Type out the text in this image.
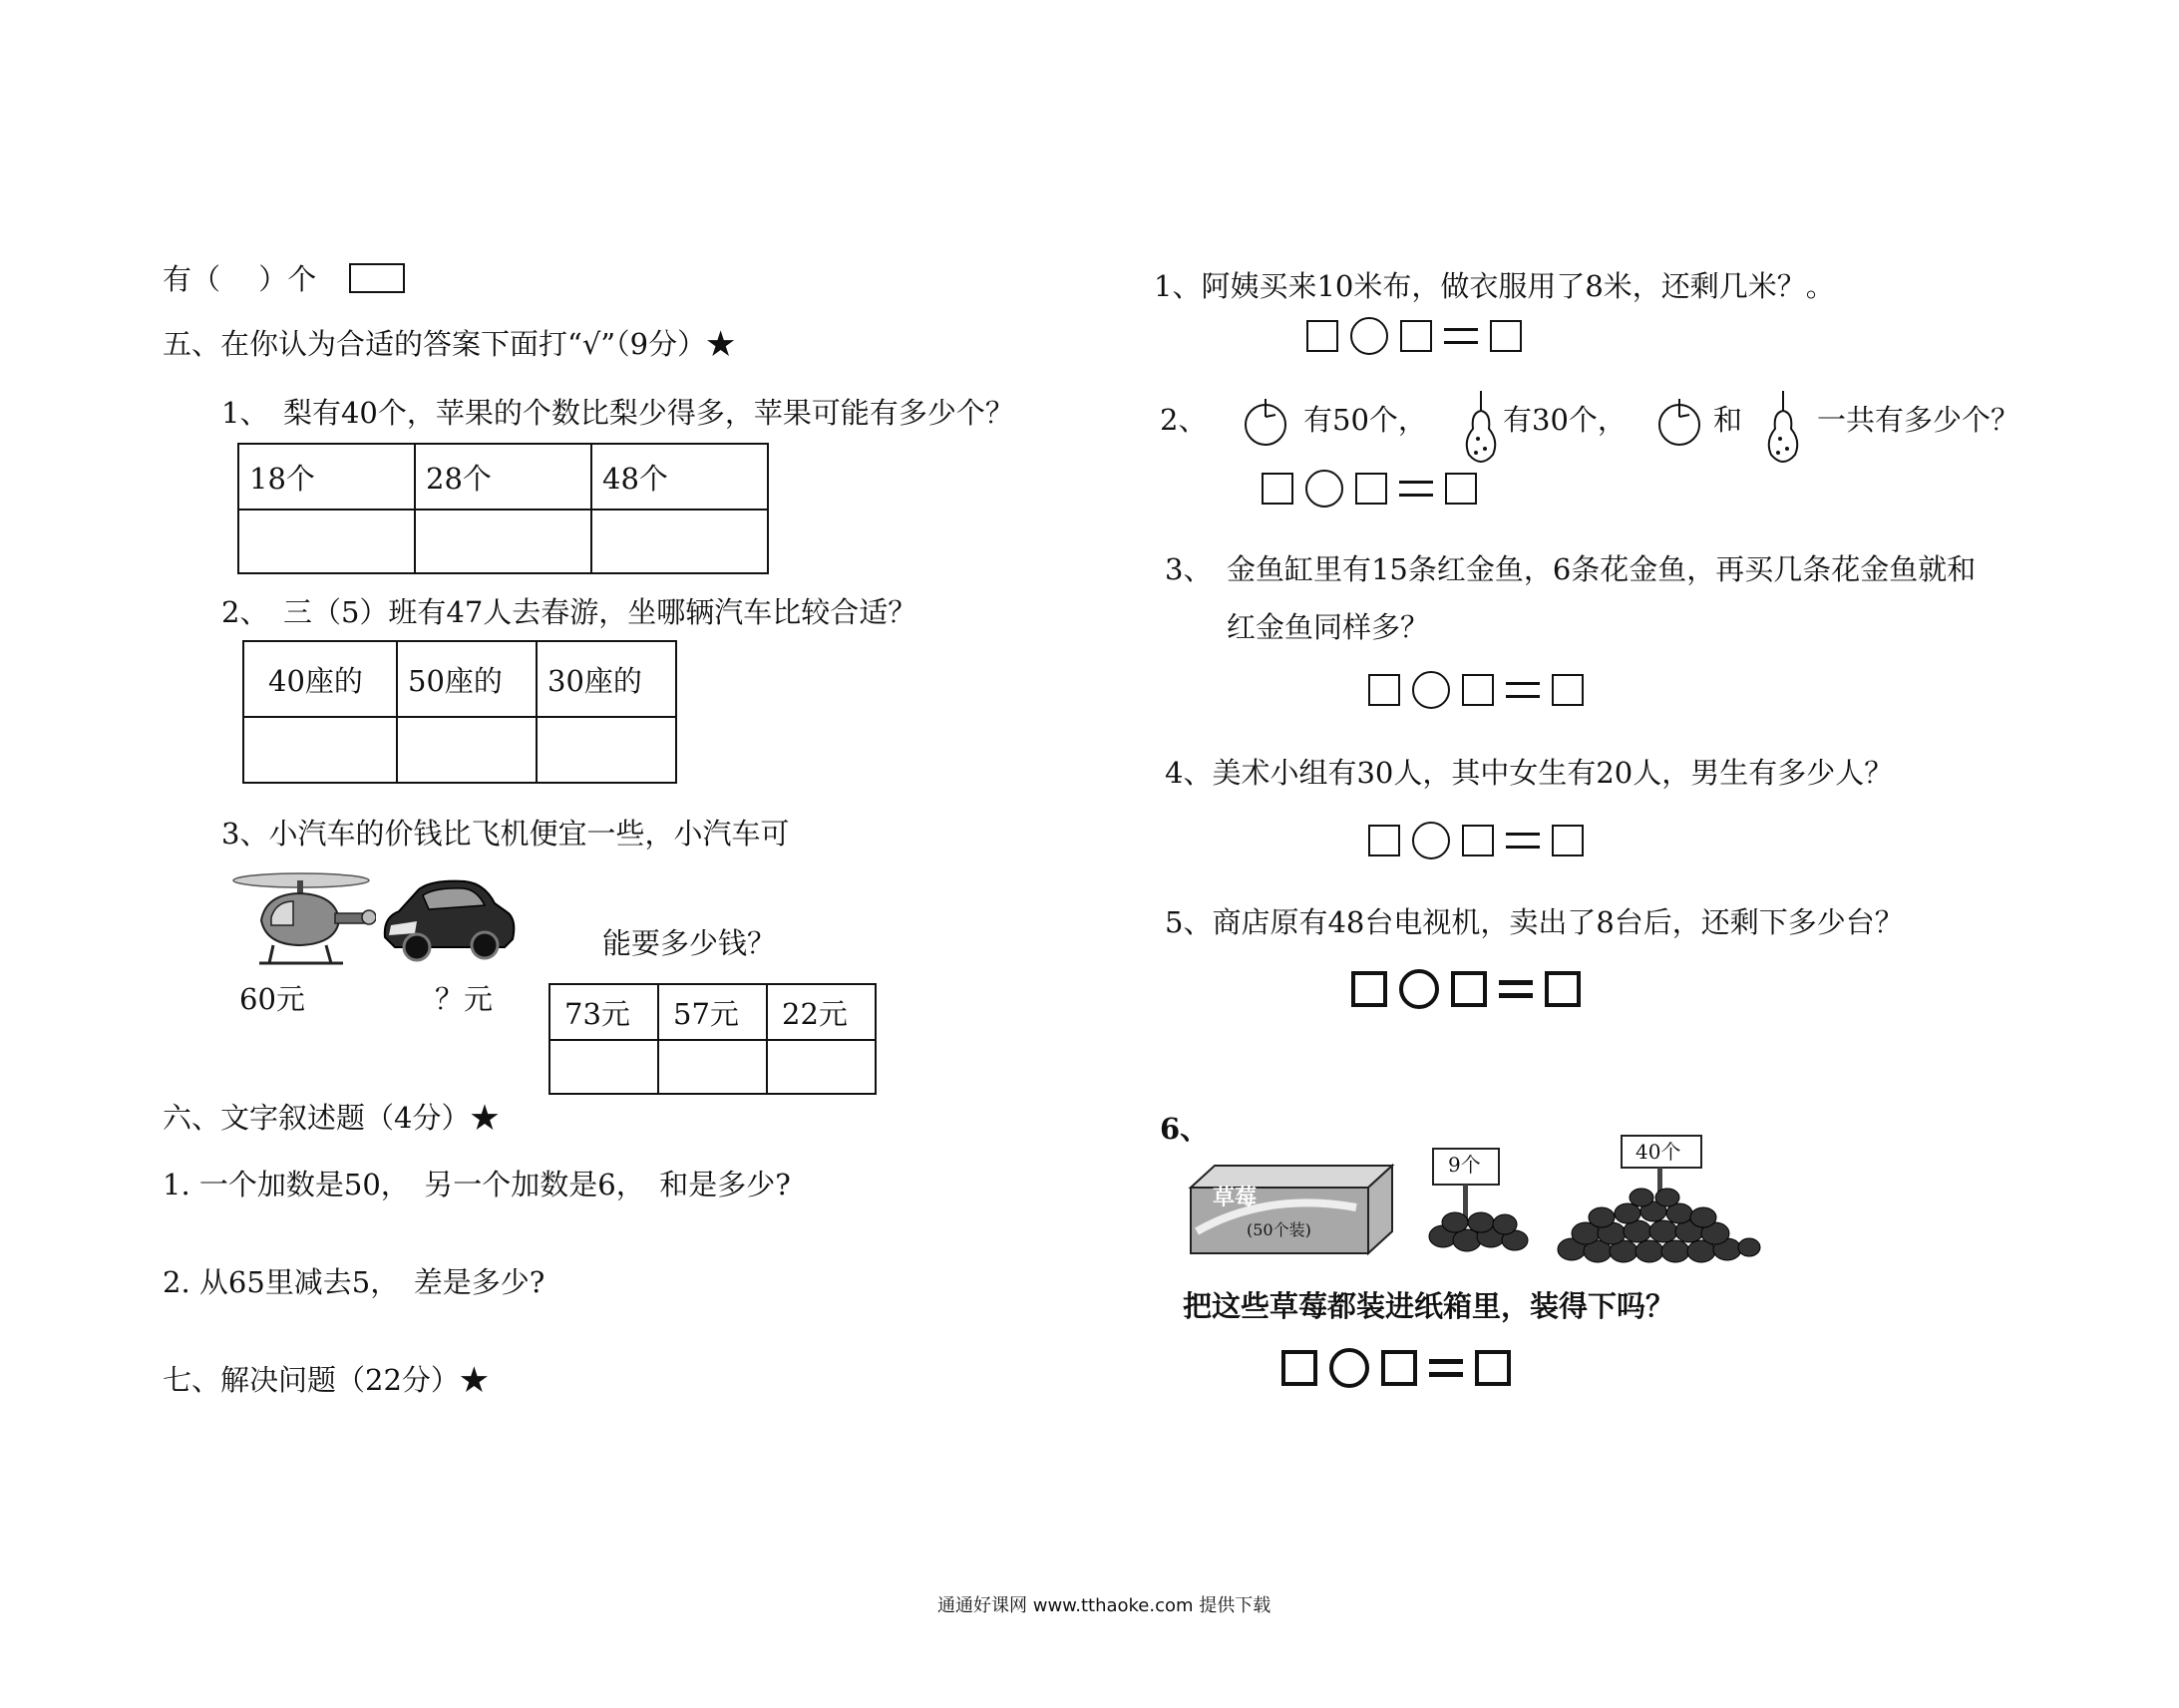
有（　 ）个
五、在你认为合适的答案下面打“√”（9分）★
1、　梨有40个，苹果的个数比梨少得多，苹果可能有多少个？
18个	28个	48个

2、　三（5）班有47人去春游，坐哪辆汽车比较合适？
40座的	50座的	30座的

3、小汽车的价钱比飞机便宜一些，小汽车可
60元	？元
能要多少钱？
73元	57元	22元

六、文字叙述题（4分）★
1. 一个加数是50，　另一个加数是6，　和是多少?
2. 从65里减去5，　差是多少?
七、解决问题（22分）★
1、阿姨买来10米布，做衣服用了8米，还剩几米？。
2、	有50个，	有30个，	和	一共有多少个？
3、　金鱼缸里有15条红金鱼，6条花金鱼，再买几条花金鱼就和
红金鱼同样多？
4、美术小组有30人，其中女生有20人，男生有多少人？
5、商店原有48台电视机，卖出了8台后，还剩下多少台？
6、
草莓
(50个装)
9个
40个
把这些草莓都装进纸箱里，装得下吗？
通通好课网 www.tthaoke.com 提供下载
